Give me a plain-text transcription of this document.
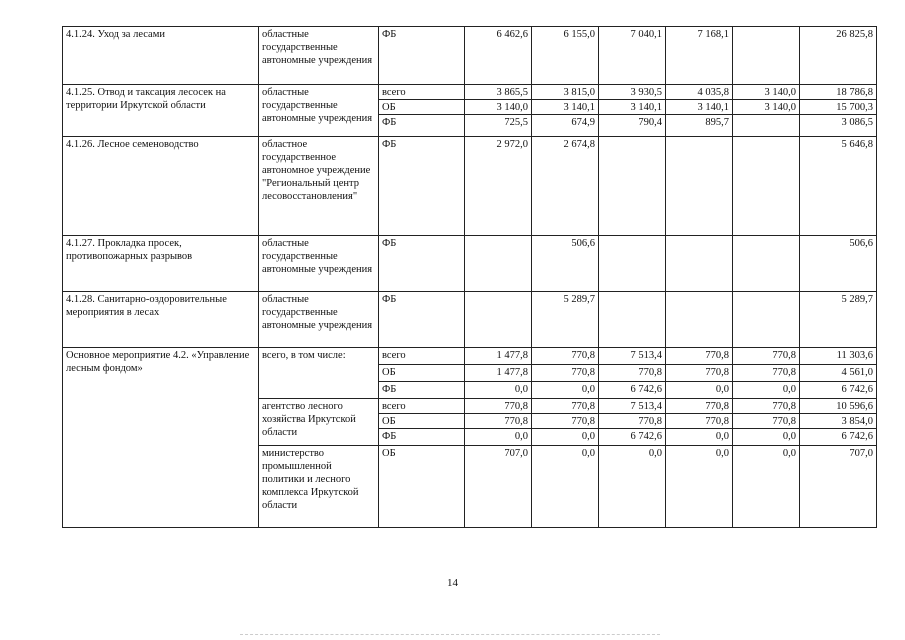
4.1.24. Уход за лесами	областные государственные автономные учреждения	ФБ	6 462,6	6 155,0	7 040,1	7 168,1		26 825,8
4.1.25. Отвод и таксация лесосек на территории Иркутской области	областные государственные автономные учреждения	всего	3 865,5	3 815,0	3 930,5	4 035,8	3 140,0	18 786,8
		ОБ	3 140,0	3 140,1	3 140,1	3 140,1	3 140,0	15 700,3
		ФБ	725,5	674,9	790,4	895,7		3 086,5
4.1.26. Лесное семеноводство	областное государственное автономное учреждение "Региональный центр лесовосстановления"	ФБ	2 972,0	2 674,8				5 646,8
4.1.27. Прокладка просек, противопожарных разрывов	областные государственные автономные учреждения	ФБ		506,6				506,6
4.1.28. Санитарно-оздоровительные мероприятия в лесах	областные государственные автономные учреждения	ФБ		5 289,7				5 289,7
Основное мероприятие 4.2. «Управление лесным фондом»	всего, в том числе:	всего	1 477,8	770,8	7 513,4	770,8	770,8	11 303,6
		ОБ	1 477,8	770,8	770,8	770,8	770,8	4 561,0
		ФБ	0,0	0,0	6 742,6	0,0	0,0	6 742,6
	агентство лесного хозяйства Иркутской области	всего	770,8	770,8	7 513,4	770,8	770,8	10 596,6
		ОБ	770,8	770,8	770,8	770,8	770,8	3 854,0
		ФБ	0,0	0,0	6 742,6	0,0	0,0	6 742,6
	министерство промышленной политики и лесного комплекса Иркутской области	ОБ	707,0	0,0	0,0	0,0	0,0	707,0
14
